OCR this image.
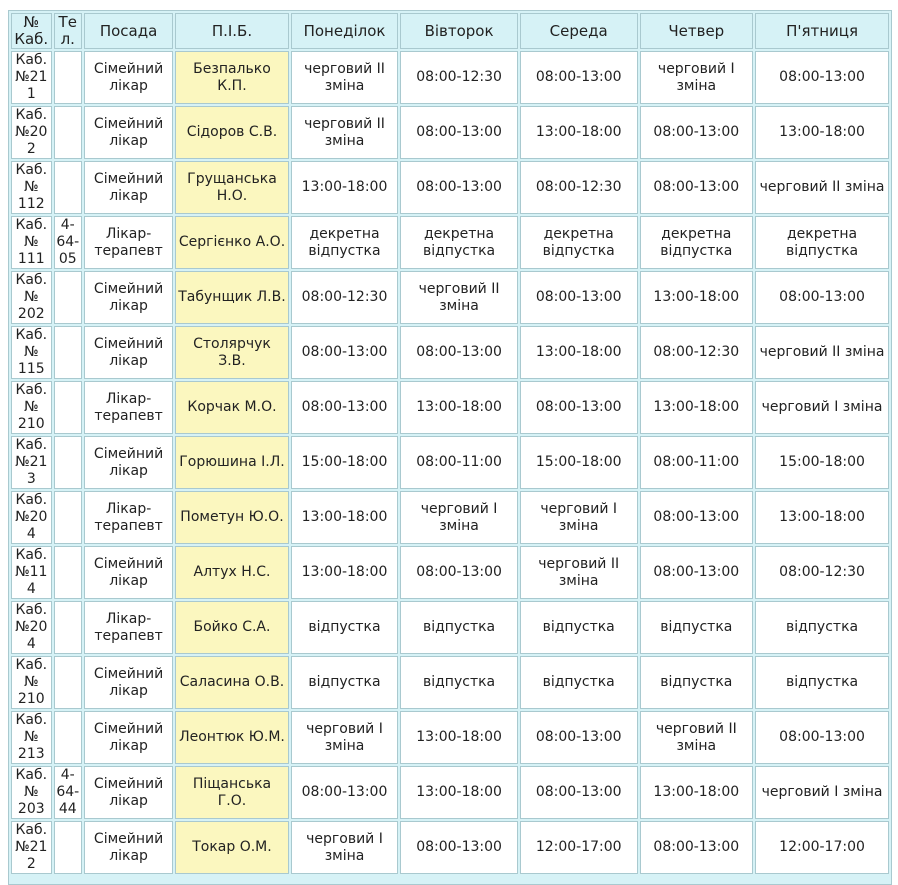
№ Каб.	Тел.	Посада	П.І.Б.	Понеділок	Вівторок	Середа	Четвер	П'ятниця
Каб. №211		Сімейний лікар	Безпалько К.П.	черговий ІІ зміна	08:00-12:30	08:00-13:00	черговий І зміна	08:00-13:00
Каб. №202		Сімейний лікар	Сідоров С.В.	черговий ІІ зміна	08:00-13:00	13:00-18:00	08:00-13:00	13:00-18:00
Каб. № 112		Сімейний лікар	Грущанська Н.О.	13:00-18:00	08:00-13:00	08:00-12:30	08:00-13:00	черговий ІІ зміна
Каб. № 111	4-64-05	Лікар-терапевт	Сергієнко А.О.	декретна відпустка	декретна відпустка	декретна відпустка	декретна відпустка	декретна відпустка
Каб. № 202		Сімейний лікар	Табунщик Л.В.	08:00-12:30	черговий ІІ зміна	08:00-13:00	13:00-18:00	08:00-13:00
Каб. № 115		Сімейний лікар	Столярчук З.В.	08:00-13:00	08:00-13:00	13:00-18:00	08:00-12:30	черговий ІІ зміна
Каб. № 210		Лікар-терапевт	Корчак М.О.	08:00-13:00	13:00-18:00	08:00-13:00	13:00-18:00	черговий І зміна
Каб. №213		Сімейний лікар	Горюшина І.Л.	15:00-18:00	08:00-11:00	15:00-18:00	08:00-11:00	15:00-18:00
Каб. №204		Лікар-терапевт	Пометун Ю.О.	13:00-18:00	черговий І зміна	черговий І зміна	08:00-13:00	13:00-18:00
Каб. №114		Сімейний лікар	Алтух Н.С.	13:00-18:00	08:00-13:00	черговий ІІ зміна	08:00-13:00	08:00-12:30
Каб. №204		Лікар-терапевт	Бойко С.А.	відпустка	відпустка	відпустка	відпустка	відпустка
Каб. № 210		Сімейний лікар	Саласина О.В.	відпустка	відпустка	відпустка	відпустка	відпустка
Каб. № 213		Сімейний лікар	Леонтюк Ю.М.	черговий І зміна	13:00-18:00	08:00-13:00	черговий ІІ зміна	08:00-13:00
Каб. № 203	4-64-44	Сімейний лікар	Піщанська Г.О.	08:00-13:00	13:00-18:00	08:00-13:00	13:00-18:00	черговий І зміна
Каб. №212		Сімейний лікар	Токар О.М.	черговий І зміна	08:00-13:00	12:00-17:00	08:00-13:00	12:00-17:00
